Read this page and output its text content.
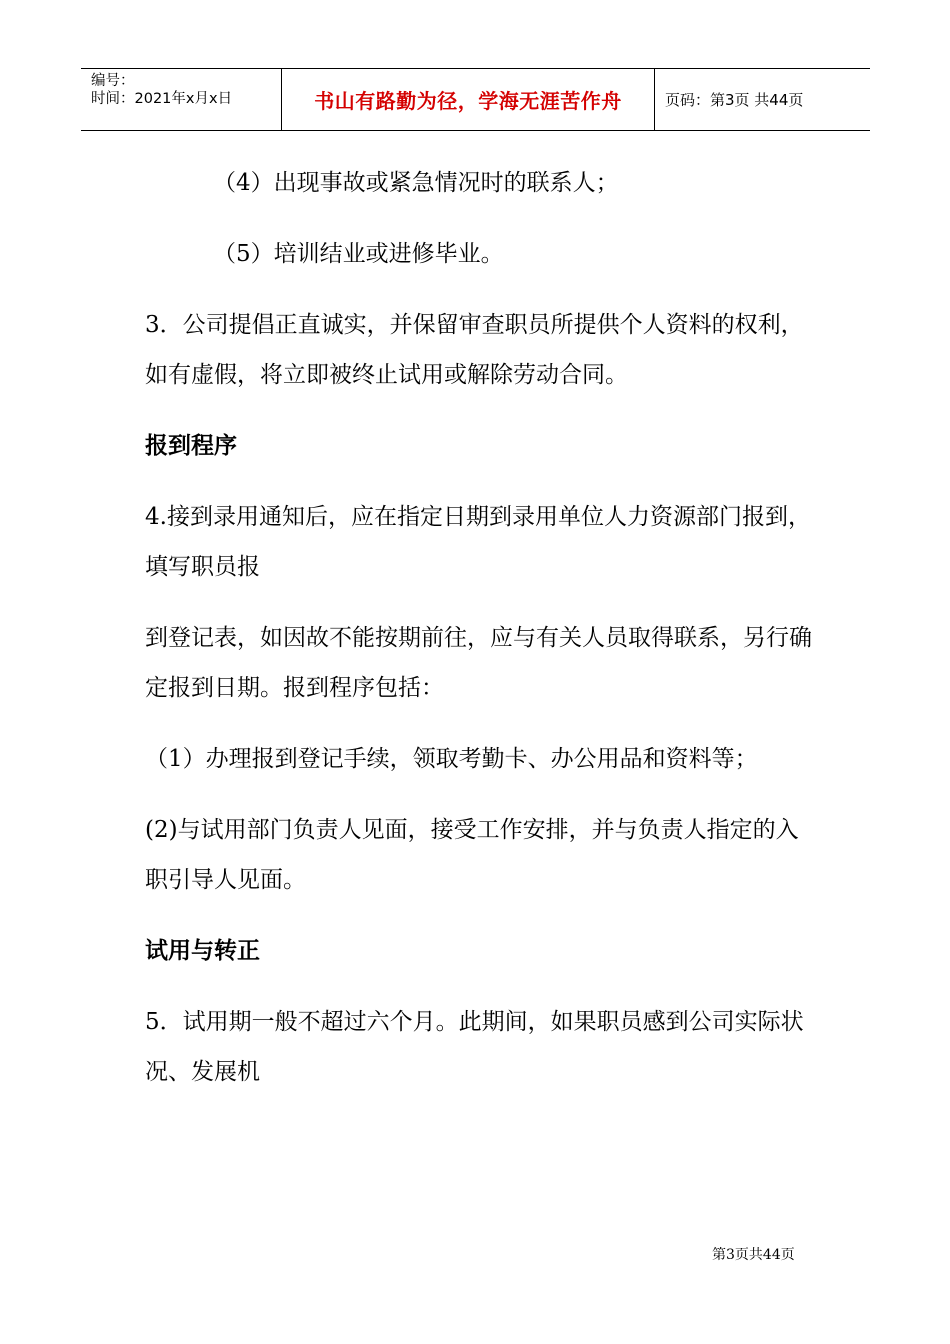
编号：
时间：2021年x月x日	书山有路勤为径，学海无涯苦作舟	页码：第3页 共44页

（4）出现事故或紧急情况时的联系人；

（5）培训结业或进修毕业。

3．公司提倡正直诚实，并保留审查职员所提供个人资料的权利，如有虚假，将立即被终止试用或解除劳动合同。

报到程序

4.接到录用通知后，应在指定日期到录用单位人力资源部门报到，填写职员报

到登记表，如因故不能按期前往，应与有关人员取得联系，另行确定报到日期。报到程序包括：

（1）办理报到登记手续，领取考勤卡、办公用品和资料等；

(2)与试用部门负责人见面，接受工作安排，并与负责人指定的入职引导人见面。

试用与转正

5．试用期一般不超过六个月。此期间，如果职员感到公司实际状况、发展机

第3页共44页
